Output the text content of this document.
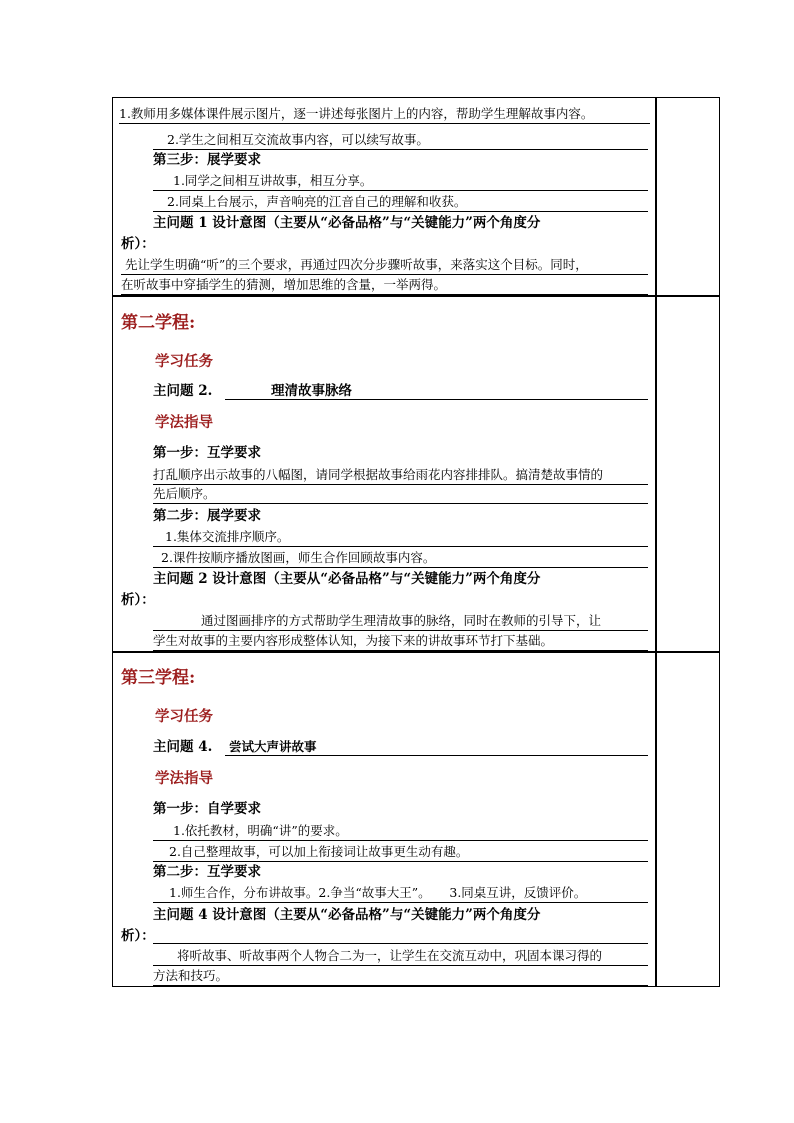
1.教师用多媒体课件展示图片，逐一讲述每张图片上的内容，帮助学生理解故事内容。
2.学生之间相互交流故事内容，可以续写故事。
第三步：展学要求
1.同学之间相互讲故事，相互分享。
2.同桌上台展示，声音响亮的江音自己的理解和收获。
主问题 1 设计意图（主要从“必备品格”与“关键能力”两个角度分
析）：
先让学生明确“听”的三个要求，再通过四次分步骤听故事，来落实这个目标。同时，
在听故事中穿插学生的猜测，增加思维的含量，一举两得。
第二学程:
学习任务
主问题 2.	理清故事脉络
学法指导
第一步：互学要求
打乱顺序出示故事的八幅图，请同学根据故事给雨花内容排排队。搞清楚故事情的
先后顺序。
第二步：展学要求
1.集体交流排序顺序。
2.课件按顺序播放图画，师生合作回顾故事内容。
主问题 2 设计意图（主要从“必备品格”与“关键能力”两个角度分
析）：
通过图画排序的方式帮助学生理清故事的脉络，同时在教师的引导下，让
学生对故事的主要内容形成整体认知，为接下来的讲故事环节打下基础。
第三学程:
学习任务
主问题 4. 尝试大声讲故事
学法指导
第一步：自学要求
1.依托教材，明确“讲”的要求。
2.自己整理故事，可以加上衔接词让故事更生动有趣。
第二步：互学要求
1.师生合作，分布讲故事。2.争当“故事大王”。　　3.同桌互讲，反馈评价。
主问题 4 设计意图（主要从“必备品格”与“关键能力”两个角度分
析）：
将听故事、听故事两个人物合二为一，让学生在交流互动中，巩固本课习得的
方法和技巧。
